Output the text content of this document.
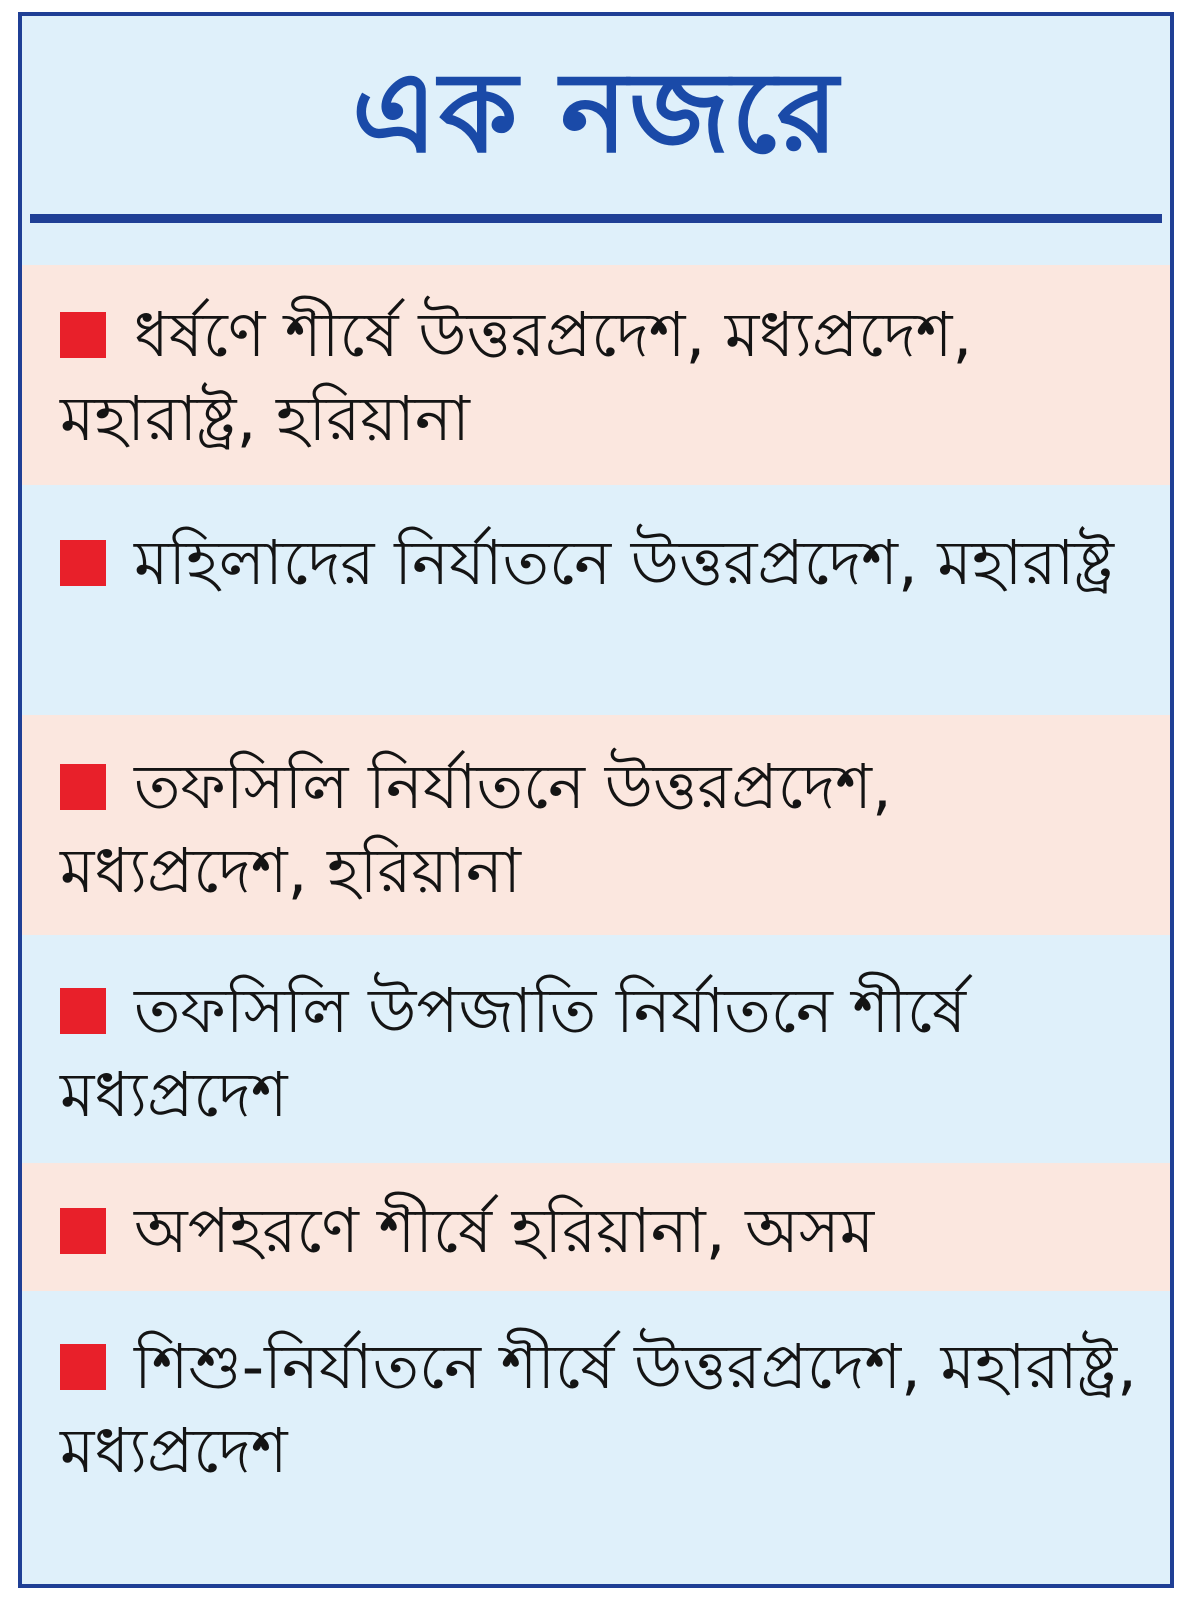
এক নজরে
ধর্ষণে শীর্ষে উত্তরপ্রদেশ, মধ্যপ্রদেশ, মহারাষ্ট্র, হরিয়ানা
মহিলাদের নির্যাতনে উত্তরপ্রদেশ, মহারাষ্ট্র
তফসিলি নির্যাতনে উত্তরপ্রদেশ, মধ্যপ্রদেশ, হরিয়ানা
তফসিলি উপজাতি নির্যাতনে শীর্ষে মধ্যপ্রদেশ
অপহরণে শীর্ষে হরিয়ানা, অসম
শিশু-নির্যাতনে শীর্ষে উত্তরপ্রদেশ, মহারাষ্ট্র, মধ্যপ্রদেশ
